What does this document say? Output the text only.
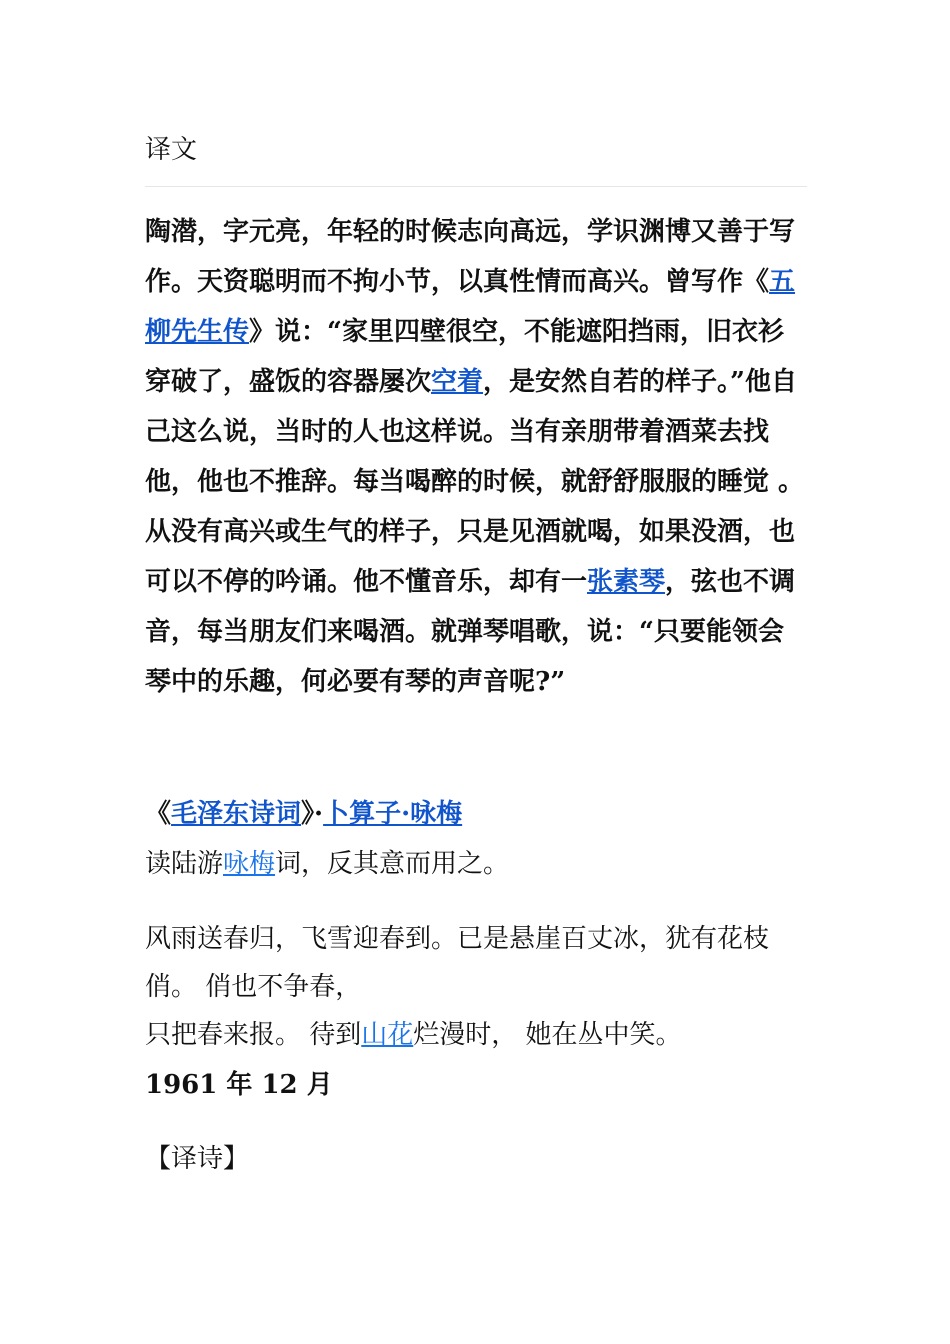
译文

陶潜，字元亮，年轻的时候志向高远，学识渊博又善于写作。天资聪明而不拘小节，以真性情而高兴。曾写作《五柳先生传》说：“家里四壁很空，不能遮阳挡雨，旧衣衫穿破了，盛饭的容器屡次空着，是安然自若的样子。”他自己这么说，当时的人也这样说。当有亲朋带着酒菜去找他，他也不推辞。每当喝醉的时候，就舒舒服服的睡觉 。从没有高兴或生气的样子，只是见酒就喝，如果没酒，也可以不停的吟诵。他不懂音乐，却有一张素琴，弦也不调音，每当朋友们来喝酒。就弹琴唱歌，说：“只要能领会琴中的乐趣，何必要有琴的声音呢?”

《毛泽东诗词》·卜算子·咏梅

读陆游咏梅词，反其意而用之。

风雨送春归，飞雪迎春到。已是悬崖百丈冰，犹有花枝俏。 俏也不争春，
只把春来报。 待到山花烂漫时， 她在丛中笑。
1961 年 12 月
【译诗】
